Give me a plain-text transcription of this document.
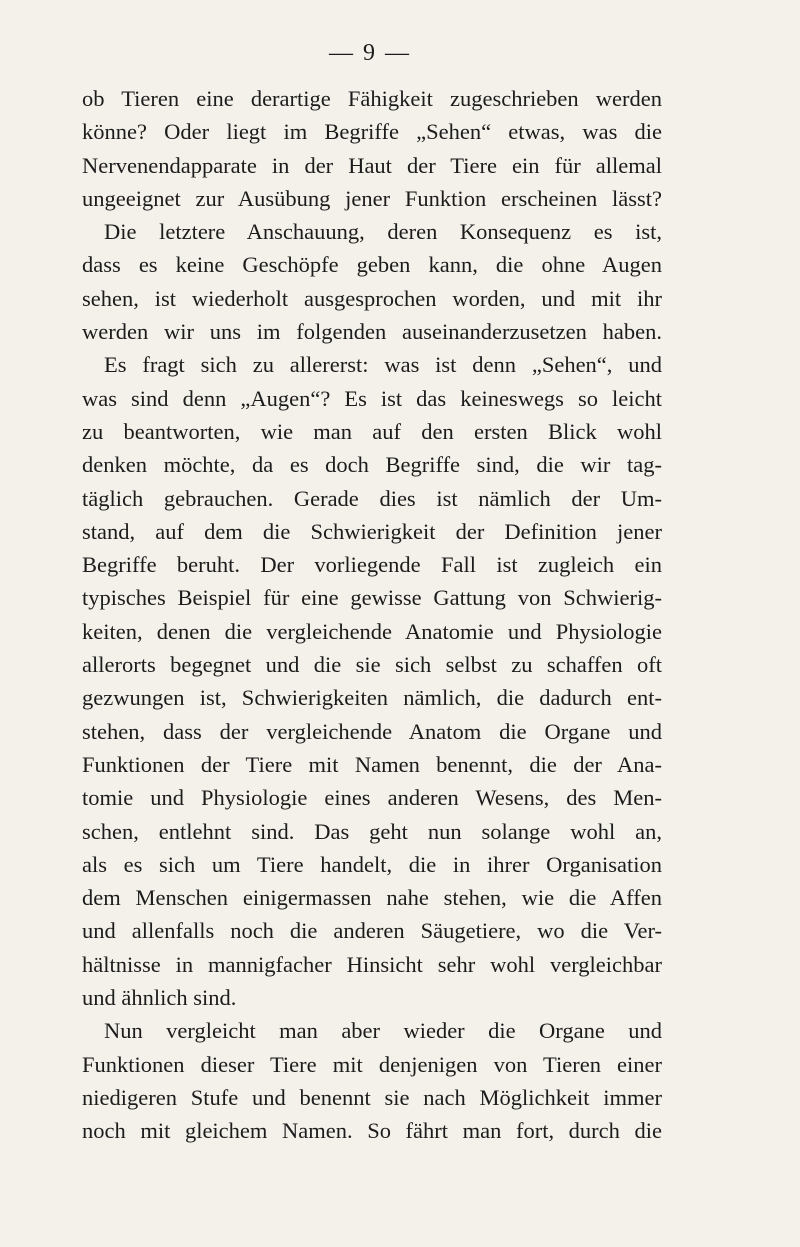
— 9 —
ob Tieren eine derartige Fähigkeit zugeschrieben werden
könne? Oder liegt im Begriffe „Sehen“ etwas, was die
Nervenendapparate in der Haut der Tiere ein für allemal
ungeeignet zur Ausübung jener Funktion erscheinen lässt?
Die letztere Anschauung, deren Konsequenz es ist,
dass es keine Geschöpfe geben kann, die ohne Augen
sehen, ist wiederholt ausgesprochen worden, und mit ihr
werden wir uns im folgenden auseinanderzusetzen haben.
Es fragt sich zu allererst: was ist denn „Sehen“, und
was sind denn „Augen“? Es ist das keineswegs so leicht
zu beantworten, wie man auf den ersten Blick wohl
denken möchte, da es doch Begriffe sind, die wir tag-
täglich gebrauchen. Gerade dies ist nämlich der Um-
stand, auf dem die Schwierigkeit der Definition jener
Begriffe beruht. Der vorliegende Fall ist zugleich ein
typisches Beispiel für eine gewisse Gattung von Schwierig-
keiten, denen die vergleichende Anatomie und Physiologie
allerorts begegnet und die sie sich selbst zu schaffen oft
gezwungen ist, Schwierigkeiten nämlich, die dadurch ent-
stehen, dass der vergleichende Anatom die Organe und
Funktionen der Tiere mit Namen benennt, die der Ana-
tomie und Physiologie eines anderen Wesens, des Men-
schen, entlehnt sind. Das geht nun solange wohl an,
als es sich um Tiere handelt, die in ihrer Organisation
dem Menschen einigermassen nahe stehen, wie die Affen
und allenfalls noch die anderen Säugetiere, wo die Ver-
hältnisse in mannigfacher Hinsicht sehr wohl vergleichbar
und ähnlich sind.
Nun vergleicht man aber wieder die Organe und
Funktionen dieser Tiere mit denjenigen von Tieren einer
niedigeren Stufe und benennt sie nach Möglichkeit immer
noch mit gleichem Namen. So fährt man fort, durch die
